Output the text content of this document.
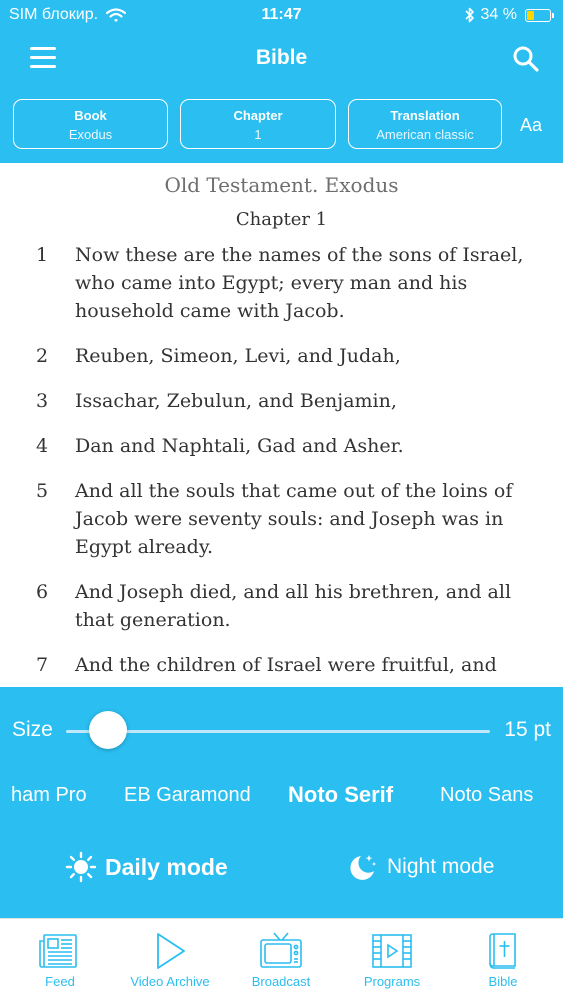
SIM блокир.	11:47	34 %
Bible
Book
Exodus
Chapter
1
Translation
American classic	Aa
Old Testament. Exodus
Chapter 1
1	Now these are the names of the sons of Israel,
who came into Egypt; every man and his
household came with Jacob.
2	Reuben, Simeon, Levi, and Judah,
3	Issachar, Zebulun, and Benjamin,
4	Dan and Naphtali, Gad and Asher.
5	And all the souls that came out of the loins of
Jacob were seventy souls: and Joseph was in
Egypt already.
6	And Joseph died, and all his brethren, and all
that generation.
7	And the children of Israel were fruitful, and
Size	15 pt
ham Pro EB Garamond Noto Serif Noto Sans
Daily mode	Night mode
Feed	Video Archive	Broadcast	Programs	Bible
